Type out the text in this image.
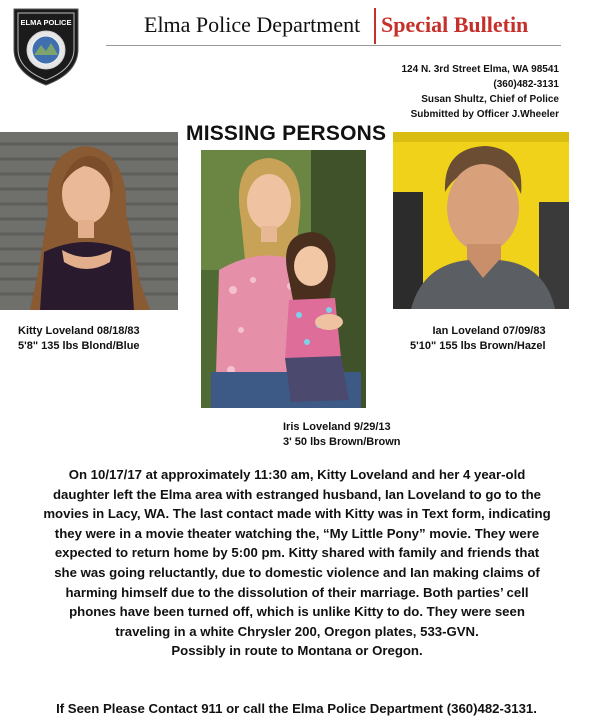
ELMA POLICE	Elma Police Department Special Bulletin
124 N. 3rd Street Elma, WA 98541
(360)482-3131
Susan Shultz, Chief of Police
Submitted by Officer J.Wheeler
MISSING PERSONS
Kitty Loveland 08/18/83
5'8" 135 lbs Blond/Blue
Iris Loveland 9/29/13
3' 50 lbs Brown/Brown
Ian Loveland 07/09/83
5'10" 155 lbs Brown/Hazel
On 10/17/17 at approximately 11:30 am, Kitty Loveland and her 4 year-old
daughter left the Elma area with estranged husband, Ian Loveland to go to the
movies in Lacy, WA. The last contact made with Kitty was in Text form, indicating
they were in a movie theater watching the, “My Little Pony” movie. They were
expected to return home by 5:00 pm. Kitty shared with family and friends that
she was going reluctantly, due to domestic violence and Ian making claims of
harming himself due to the dissolution of their marriage. Both parties’ cell
phones have been turned off, which is unlike Kitty to do. They were seen
traveling in a white Chrysler 200, Oregon plates, 533-GVN.
Possibly in route to Montana or Oregon.
If Seen Please Contact 911 or call the Elma Police Department (360)482-3131.
